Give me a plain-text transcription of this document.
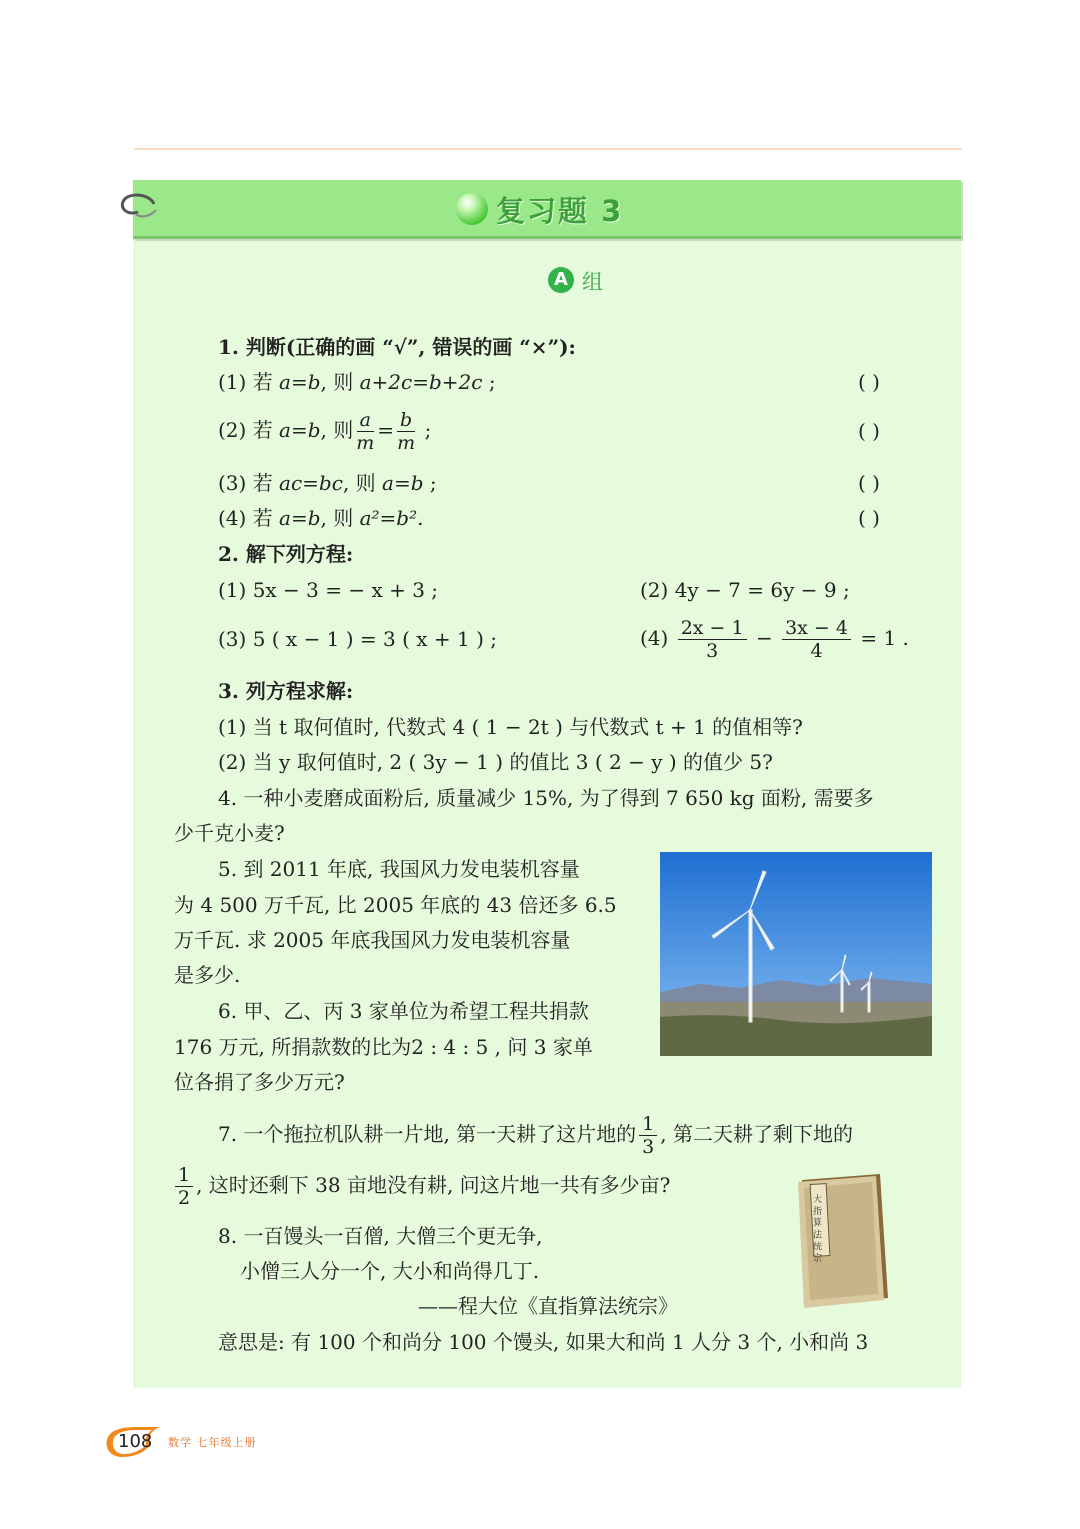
复习题 3
A 组
1. 判断(正确的画 “√”, 错误的画 “×”):
(1) 若 a=b, 则 a+2c=b+2c ;	( )
(2) 若 a=b, 则 $\frac{a}{m} = \frac{b}{m}$ ;	( )
(3) 若 ac=bc, 则 a=b ;	( )
(4) 若 a=b, 则 a²=b².	( )
2. 解下列方程:
(1) 5x − 3 = − x + 3 ;	(2) 4y − 7 = 6y − 9 ;
(3) 5 ( x − 1 ) = 3 ( x + 1 ) ;	$(4) \frac{2x - 1}{3} - \frac{3x - 4}{4} = 1$ .
3. 列方程求解:
(1) 当 t 取何值时, 代数式 4 ( 1 − 2t ) 与代数式 t + 1 的值相等?
(2) 当 y 取何值时, 2 ( 3y − 1 ) 的值比 3 ( 2 − y ) 的值少 5?
4. 一种小麦磨成面粉后, 质量减少 15%, 为了得到 7 650 kg 面粉, 需要多
少千克小麦?
5. 到 2011 年底, 我国风力发电装机容量
为 4 500 万千瓦, 比 2005 年底的 43 倍还多 6.5
万千瓦. 求 2005 年底我国风力发电装机容量
是多少.
6. 甲、乙、丙 3 家单位为希望工程共捐款
176 万元, 所捐款数的比为2 : 4 : 5 , 问 3 家单
位各捐了多少万元?
7. 一个拖拉机队耕一片地, 第一天耕了这片地的 $\frac{1}{3}$ , 第二天耕了剩下地的
$\frac{1}{2}$ , 这时还剩下 38 亩地没有耕, 问这片地一共有多少亩?
大 指 算 法 统 宗
8. 一百馒头一百僧, 大僧三个更无争,
小僧三人分一个, 大小和尚得几丁.
——程大位《直指算法统宗》
意思是: 有 100 个和尚分 100 个馒头, 如果大和尚 1 人分 3 个, 小和尚 3
108 数学 七年级上册
